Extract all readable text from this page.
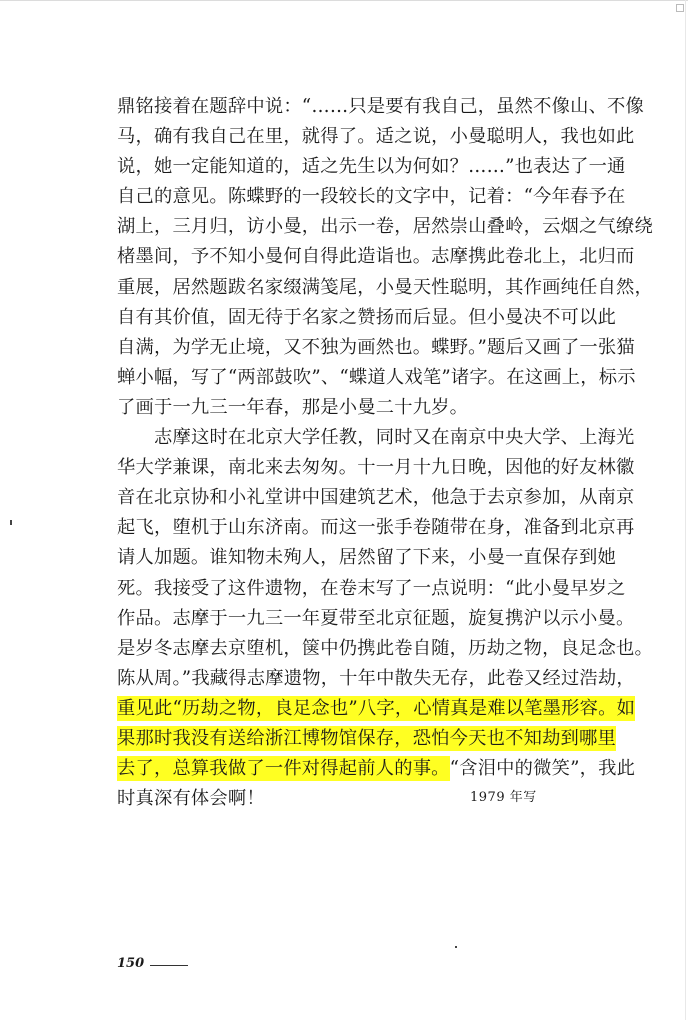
鼎铭接着在题辞中说：“……只是要有我自己，虽然不像山、不像
马，确有我自己在里，就得了。适之说，小曼聪明人，我也如此
说，她一定能知道的，适之先生以为何如？……”也表达了一通
自己的意见。陈蝶野的一段较长的文字中，记着：“今年春予在
湖上，三月归，访小曼，出示一卷，居然崇山叠岭，云烟之气缭绕
楮墨间，予不知小曼何自得此造诣也。志摩携此卷北上，北归而
重展，居然题跋名家缀满笺尾，小曼天性聪明，其作画纯任自然，
自有其价值，固无待于名家之赞扬而后显。但小曼决不可以此
自满，为学无止境，又不独为画然也。蝶野。”题后又画了一张猫
蝉小幅，写了“两部鼓吹”、“蝶道人戏笔”诸字。在这画上，标示
了画于一九三一年春，那是小曼二十九岁。
志摩这时在北京大学任教，同时又在南京中央大学、上海光
华大学兼课，南北来去匆匆。十一月十九日晚，因他的好友林徽
音在北京协和小礼堂讲中国建筑艺术，他急于去京参加，从南京
起飞，堕机于山东济南。而这一张手卷随带在身，准备到北京再
请人加题。谁知物未殉人，居然留了下来，小曼一直保存到她
死。我接受了这件遗物，在卷末写了一点说明：“此小曼早岁之
作品。志摩于一九三一年夏带至北京征题，旋复携沪以示小曼。
是岁冬志摩去京堕机，箧中仍携此卷自随，历劫之物，良足念也。
陈从周。”我藏得志摩遗物，十年中散失无存，此卷又经过浩劫，
重见此“历劫之物，良足念也”八字，心情真是难以笔墨形容。如
果那时我没有送给浙江博物馆保存，恐怕今天也不知劫到哪里
去了，总算我做了一件对得起前人的事。“含泪中的微笑”，我此
时真深有体会啊！	1979 年写
150
